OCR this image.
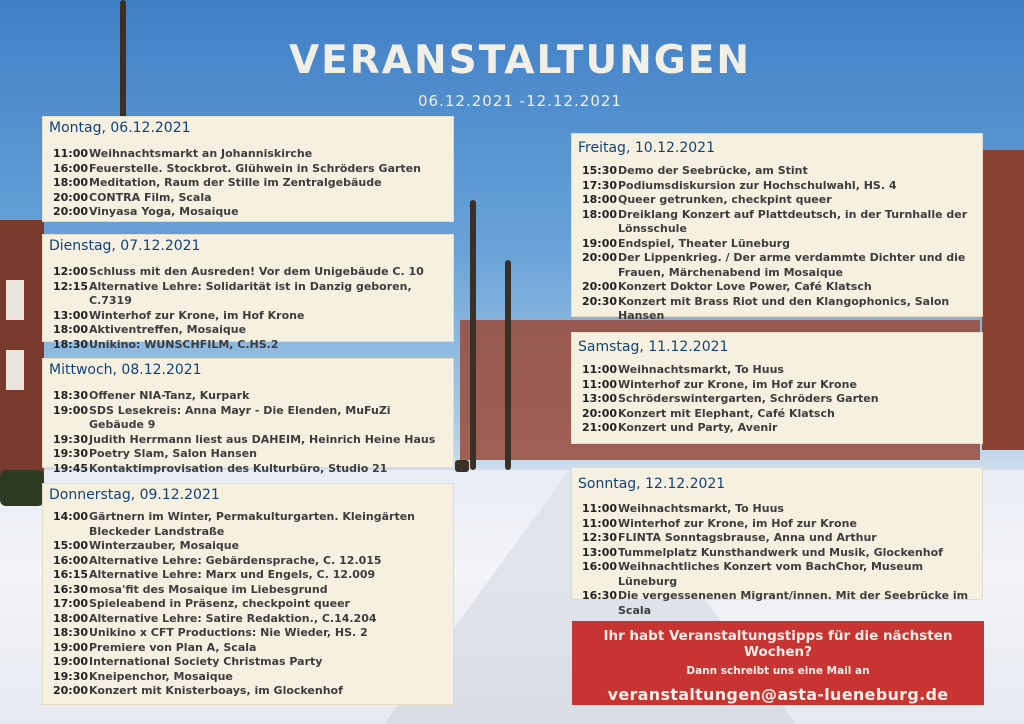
VERANSTALTUNGEN
06.12.2021 -12.12.2021
Montag, 06.12.2021
11:00 Weihnachtsmarkt an Johanniskirche
16:00 Feuerstelle. Stockbrot. Glühwein in Schröders Garten
18:00 Meditation, Raum der Stille im Zentralgebäude
20:00 CONTRA Film, Scala
20:00 Vinyasa Yoga, Mosaique
Dienstag, 07.12.2021
12:00 Schluss mit den Ausreden! Vor dem Unigebäude C. 10
12:15 Alternative Lehre: Solidarität ist in Danzig geboren, C.7319
13:00 Winterhof zur Krone, im Hof Krone
18:00 Aktiventreffen, Mosaique
18:30 Unikino: WUNSCHFILM, C.HS.2
Mittwoch, 08.12.2021
18:30 Offener NIA-Tanz, Kurpark
19:00 SDS Lesekreis: Anna Mayr - Die Elenden, MuFuZi Gebäude 9
19:30 Judith Herrmann liest aus DAHEIM, Heinrich Heine Haus
19:30 Poetry Slam, Salon Hansen
19:45 Kontaktimprovisation des Kulturbüro, Studio 21
Donnerstag, 09.12.2021
14:00 Gärtnern im Winter, Permakulturgarten. Kleingärten Bleckeder Landstraße
15:00 Winterzauber, Mosaique
16:00 Alternative Lehre: Gebärdensprache, C. 12.015
16:15 Alternative Lehre: Marx und Engels, C. 12.009
16:30 mosa'fit des Mosaique im Liebesgrund
17:00 Spieleabend in Präsenz, checkpoint queer
18:00 Alternative Lehre: Satire Redaktion., C.14.204
18:30 Unikino x CFT Productions: Nie Wieder, HS. 2
19:00 Premiere von Plan A, Scala
19:00 International Society Christmas Party
19:30 Kneipenchor, Mosaique
20:00 Konzert mit Knisterboays, im Glockenhof
Freitag, 10.12.2021
15:30 Demo der Seebrücke, am Stint
17:30 Podiumsdiskursion zur Hochschulwahl, HS. 4
18:00 Queer getrunken, checkpint queer
18:00 Dreiklang Konzert auf Plattdeutsch, in der Turnhalle der Lönsschule
19:00 Endspiel, Theater Lüneburg
20:00 Der Lippenkrieg. / Der arme verdammte Dichter und die Frauen, Märchenabend im Mosaique
20:00 Konzert Doktor Love Power, Café Klatsch
20:30 Konzert mit Brass Riot und den Klangophonics, Salon Hansen
Samstag, 11.12.2021
11:00 Weihnachtsmarkt, To Huus
11:00 Winterhof zur Krone, im Hof zur Krone
13:00 Schröderswintergarten, Schröders Garten
20:00 Konzert mit Elephant, Café Klatsch
21:00 Konzert und Party, Avenir
Sonntag, 12.12.2021
11:00 Weihnachtsmarkt, To Huus
11:00 Winterhof zur Krone, im Hof zur Krone
12:30 FLINTA Sonntagsbrause, Anna und Arthur
13:00 Tummelplatz Kunsthandwerk und Musik, Glockenhof
16:00 Weihnachtliches Konzert vom BachChor, Museum Lüneburg
16:30 Die vergessenenen Migrant/innen. Mit der Seebrücke im Scala
Ihr habt Veranstaltungstipps für die nächsten Wochen?
Dann schreibt uns eine Mail an
veranstaltungen@asta-lueneburg.de
